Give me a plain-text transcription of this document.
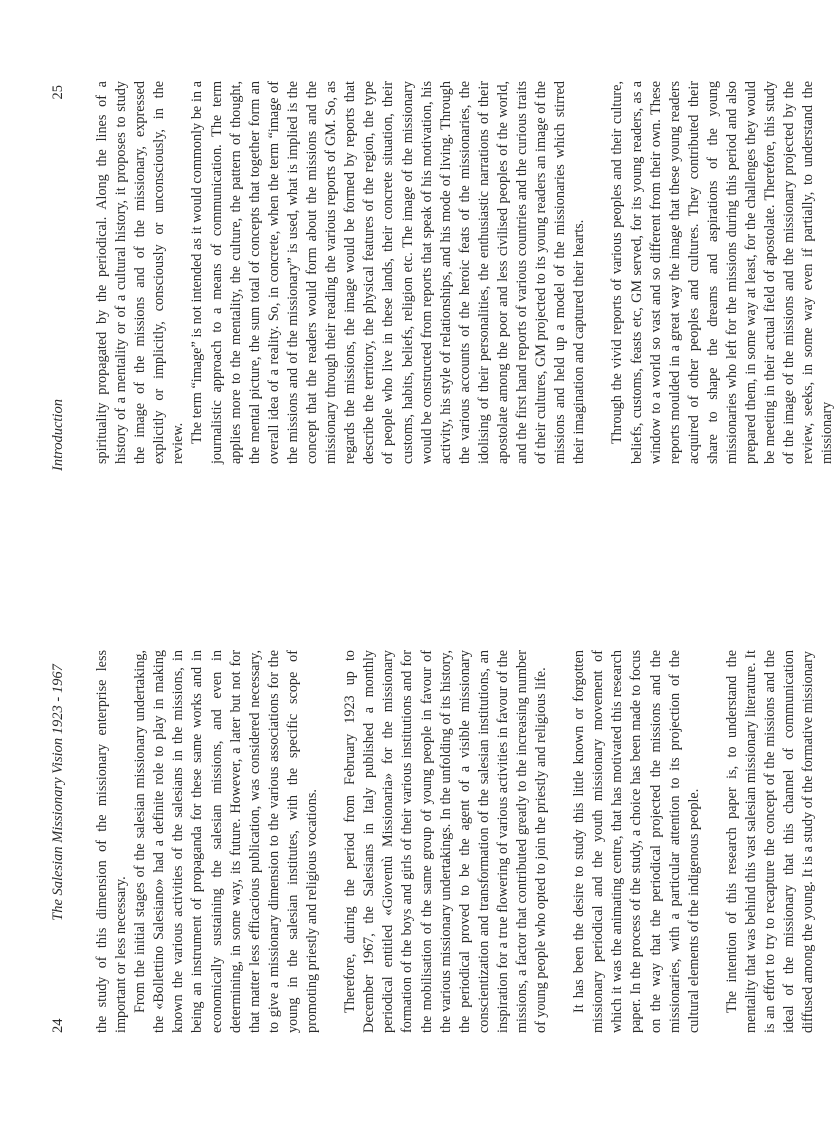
24
The Salesian Missionary Vision 1923 - 1967 the study of this dimension of the missionary enterprise less important or less necessary. From the initial stages of the salesian missionary undertaking, the «Bollettino Salesiano» had a definite role to play in making known the various activities of the salesians in the missions, in being an instrument of propaganda for these same works and in economically sustaining the salesian missions, and even in determining, in some way, its future. However, a later but not for that matter less efficacious publication, was considered necessary, to give a missionary dimension to the various associations for the young in the salesian institutes, with the specific scope of promoting priestly and religious vocations. Therefore, during the period from February 1923 up to December 1967, the Salesians in Italy published a monthly periodical entitled «Gioventù Missionaria» for the missionary formation of the boys and girls of their various institutions and for the mobilisation of the same group of young people in favour of the various missionary undertakings. In the unfolding of its history, the periodical proved to be the agent of a visible missionary conscientization and transformation of the salesian institutions, an inspiration for a true flowering of various activities in favour of the missions, a factor that contributed greatly to the increasing number of young people who opted to join the priestly and religious life. It has been the desire to study this little known or forgotten missionary periodical and the youth missionary movement of which it was the animating centre, that has motivated this research paper. In the process of the study, a choice has been made to focus on the way that the periodical projected the missions and the missionaries, with a particular attention to its projection of the cultural elements of the indigenous people. The intention of this research paper is, to understand the mentality that was behind this vast salesian missionary literature. It is an effort to try to recapture the concept of the missions and the ideal of the missionary that this channel of communication diffused among the young. It is a study of the formative missionary

Introduction
25 spirituality propagated by the periodical. Along the lines of a history of a mentality or of a cultural history, it proposes to study the image of the missions and of the missionary, expressed explicitly or implicitly, consciously or unconsciously, in the review. The term “image” is not intended as it would commonly be in a journalistic approach to a means of communication. The term applies more to the mentality, the culture, the pattern of thought, the mental picture, the sum total of concepts that together form an overall idea of a reality. So, in concrete, when the term “image of the missions and of the missionary” is used, what is implied is the concept that the readers would form about the missions and the missionary through their reading the various reports of GM. So, as regards the missions, the image would be formed by reports that describe the territory, the physical features of the region, the type of people who live in these lands, their concrete situation, their customs, habits, beliefs, religion etc. The image of the missionary would be constructed from reports that speak of his motivation, his activity, his style of relationships, and his mode of living. Through the various accounts of the heroic feats of the missionaries, the idolising of their personalities, the enthusiastic narrations of their apostolate among the poor and less civilised peoples of the world, and the first hand reports of various countries and the curious traits of their cultures, GM projected to its young readers an image of the missions and held up a model of the missionaries which stirred their imagination and captured their hearts. Through the vivid reports of various peoples and their culture, beliefs, customs, feasts etc, GM served, for its young readers, as a window to a world so vast and so different from their own. These reports moulded in a great way the image that these young readers acquired of other peoples and cultures. They contributed their share to shape the dreams and aspirations of the young missionaries who left for the missions during this period and also prepared them, in some way at least, for the challenges they would be meeting in their actual field of apostolate. Therefore, this study of the image of the missions and the missionary projected by the review, seeks, in some way even if partially, to understand the missionary
